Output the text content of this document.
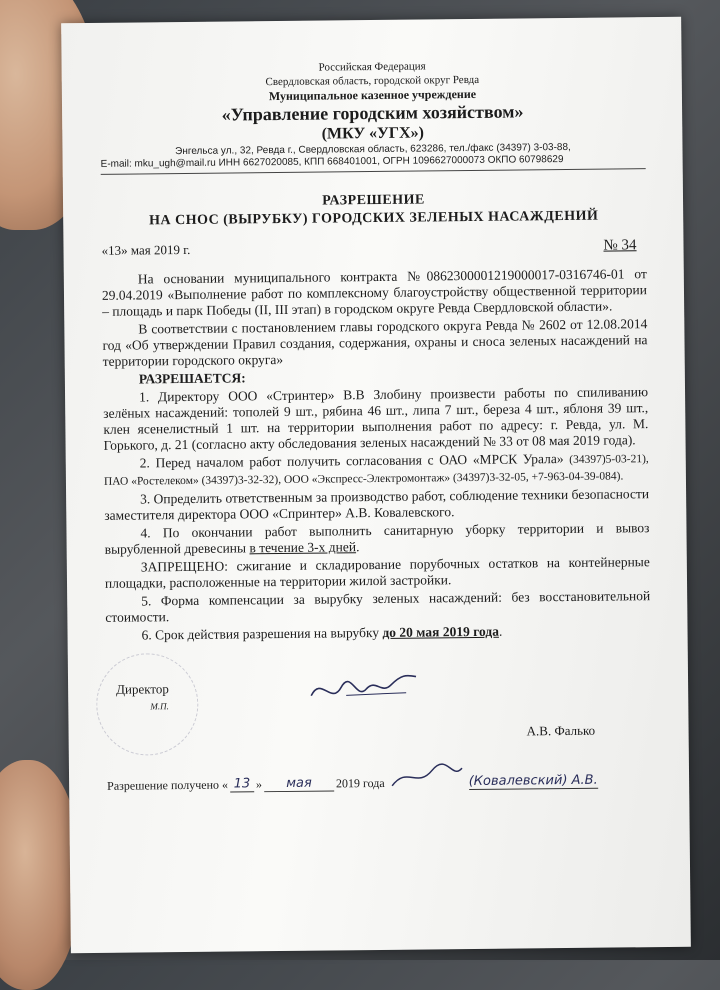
Российская Федерация
Свердловская область, городской округ Ревда
Муниципальное казенное учреждение
«Управление городским хозяйством»
(МКУ «УГХ»)
Энгельса ул., 32, Ревда г., Свердловская область, 623286, тел./факс (34397) 3-03-88,
E-mail: mku_ugh@mail.ru ИНН 6627020085, КПП 668401001, ОГРН 1096627000073 ОКПО 60798629
РАЗРЕШЕНИЕ
НА СНОС (ВЫРУБКУ) ГОРОДСКИХ ЗЕЛЕНЫХ НАСАЖДЕНИЙ
«13» мая 2019 г.	№ 34

На основании муниципального контракта №0862300001219000017-0316746-01 от 29.04.2019 «Выполнение работ по комплексному благоустройству общественной территории – площадь и парк Победы (II, III этап) в городском округе Ревда Свердловской области».

В соответствии с постановлением главы городского округа Ревда № 2602 от 12.08.2014 год «Об утверждении Правил создания, содержания, охраны и сноса зеленых насаждений на территории городского округа»

РАЗРЕШАЕТСЯ:

1. Директору ООО «Стринтер» В.В Злобину произвести работы по спиливанию зелёных насаждений: тополей 9 шт., рябина 46 шт., липа 7 шт., береза 4 шт., яблоня 39 шт., клен ясенелистный 1 шт. на территории выполнения работ по адресу: г. Ревда, ул. М. Горького, д. 21 (согласно акту обследования зеленых насаждений № 33 от 08 мая 2019 года).

2. Перед началом работ получить согласования с ОАО «МРСК Урала» (34397)5-03-21), ПАО «Ростелеком» (34397)3-32-32), ООО «Экспресс-Электромонтаж» (34397)3-32-05, +7-963-04-39-084).

3. Определить ответственным за производство работ, соблюдение техники безопасности заместителя директора ООО «Спринтер» А.В. Ковалевского.

4. По окончании работ выполнить санитарную уборку территории и вывоз вырубленной древесины в течение 3-х дней.

ЗАПРЕЩЕНО: сжигание и складирование порубочных остатков на контейнерные площадки, расположенные на территории жилой застройки.

5. Форма компенсации за вырубку зеленых насаждений: без восстановительной стоимости.

6. Срок действия разрешения на вырубку до 20 мая 2019 года.

Директор
М.П.
А.В. Фалько
Разрешение получено « 13 »	мая	2019 года	(Ковалевский) А.В.
